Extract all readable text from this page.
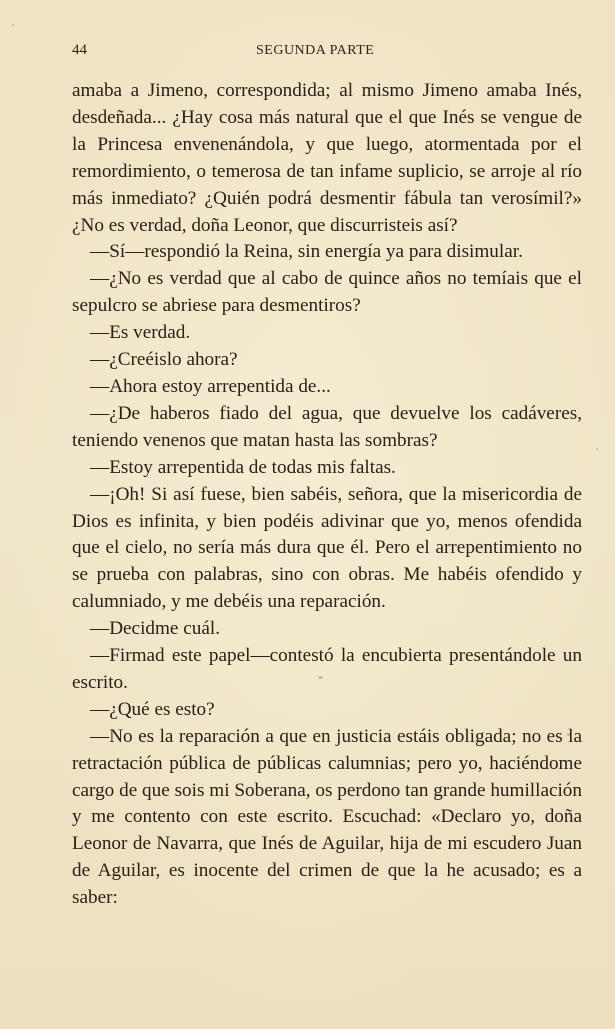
44	SEGUNDA PARTE

amaba a Jimeno, correspondida; al mismo Jimeno amaba Inés, desdeñada... ¿Hay cosa más natural que el que Inés se vengue de la Princesa envenenándola, y que luego, atormentada por el remordimiento, o temerosa de tan infame suplicio, se arroje al río más inmediato? ¿Quién podrá desmentir fábula tan verosímil?» ¿No es verdad, doña Leonor, que discurristeis así?

—Sí—respondió la Reina, sin energía ya para disimular.

—¿No es verdad que al cabo de quince años no temíais que el sepulcro se abriese para desmentiros?

—Es verdad.

—¿Creéislo ahora?

—Ahora estoy arrepentida de...

—¿De haberos fiado del agua, que devuelve los cadáveres, teniendo venenos que matan hasta las sombras?

—Estoy arrepentida de todas mis faltas.

—¡Oh! Si así fuese, bien sabéis, señora, que la misericordia de Dios es infinita, y bien podéis adivinar que yo, menos ofendida que el cielo, no sería más dura que él. Pero el arrepentimiento no se prueba con palabras, sino con obras. Me habéis ofendido y calumniado, y me debéis una reparación.

—Decidme cuál.

—Firmad este papel—contestó la encubierta presentándole un escrito.

—¿Qué es esto?

—No es la reparación a que en justicia estáis obligada; no es la retractación pública de públicas calumnias; pero yo, haciéndome cargo de que sois mi Soberana, os perdono tan grande humillación y me contento con este escrito. Escuchad: «Declaro yo, doña Leonor de Navarra, que Inés de Aguilar, hija de mi escudero Juan de Aguilar, es inocente del crimen de que la he acusado; es a saber:
